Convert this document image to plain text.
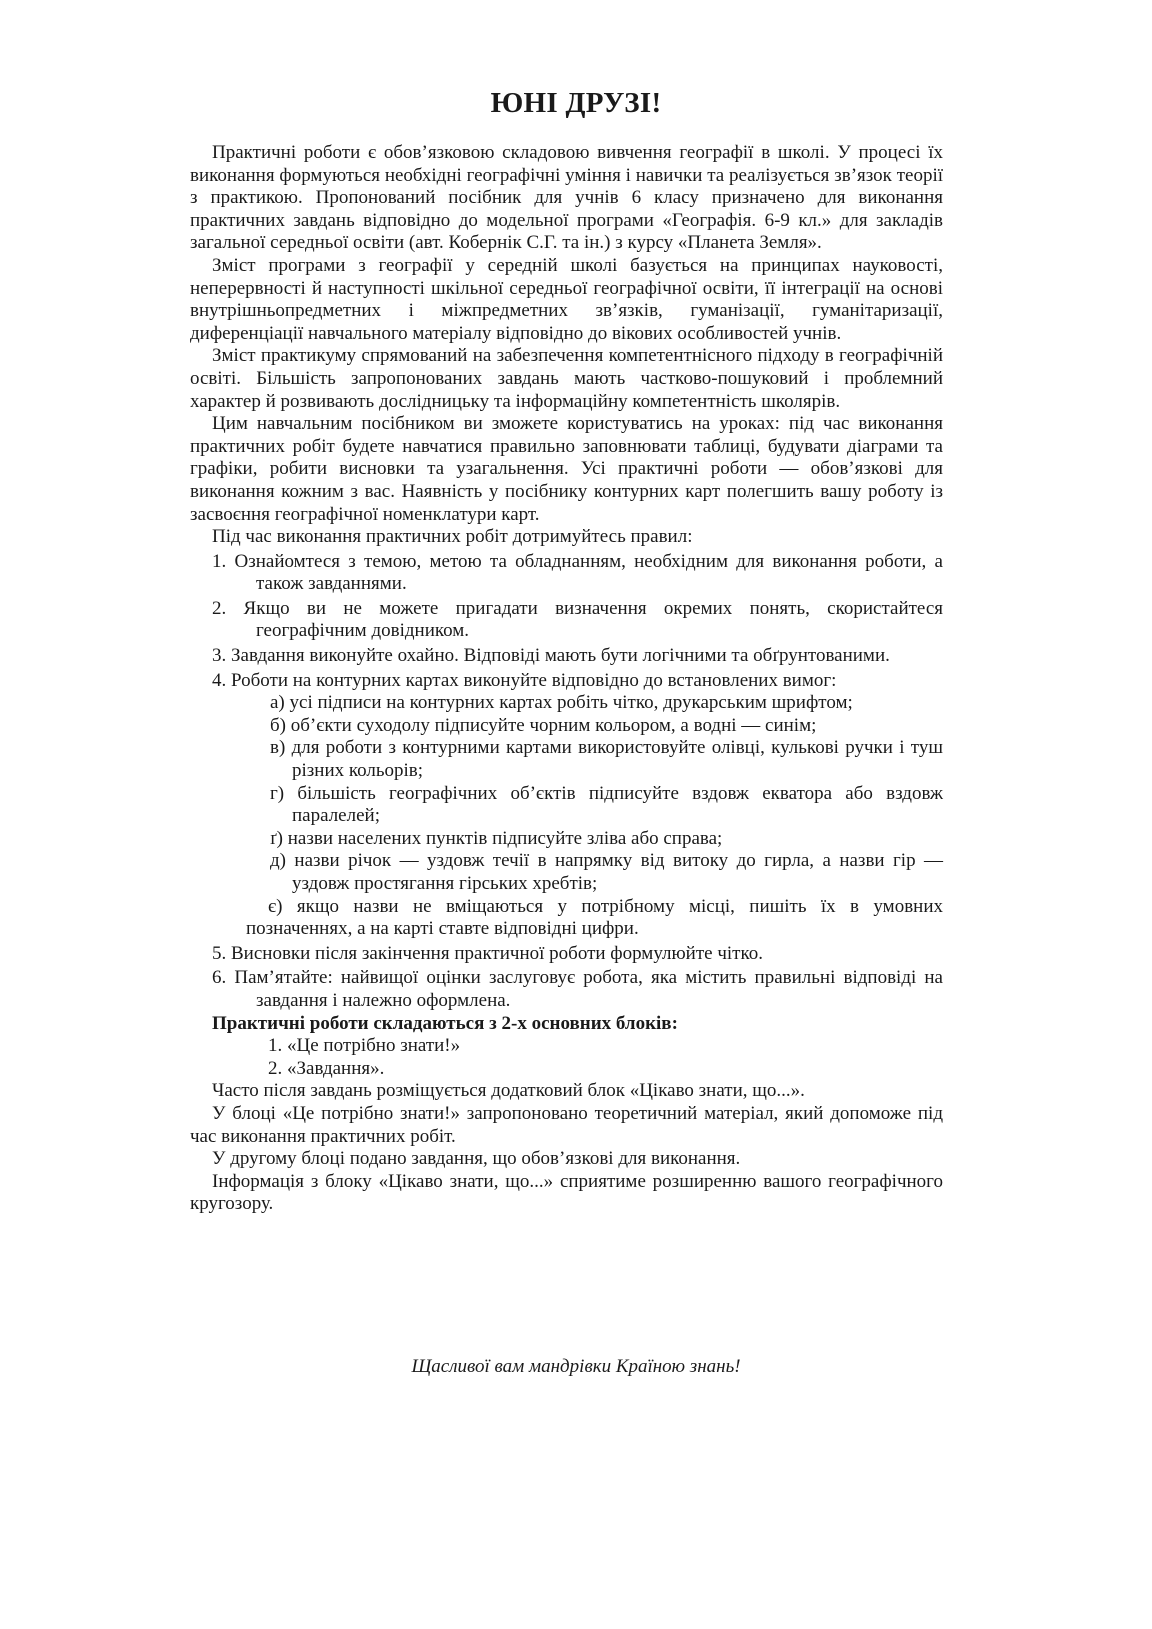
ЮНІ ДРУЗІ!

Практичні роботи є обов’язковою складовою вивчення географії в школі. У процесі їх виконання формуються необхідні географічні уміння і навички та реалізується зв’язок теорії з практикою. Пропонований посібник для учнів 6 класу призначено для виконання практичних завдань відповідно до модельної програми «Географія. 6-9 кл.» для закладів загальної середньої освіти (авт. Кобернік С.Г. та ін.) з курсу «Планета Земля».

Зміст програми з географії у середній школі базується на принципах науковості, неперервності й наступності шкільної середньої географічної освіти, її інтеграції на основі внутрішньопредметних і міжпредметних зв’язків, гуманізації, гуманітаризації, диференціації навчального матеріалу відповідно до вікових особливостей учнів.

Зміст практикуму спрямований на забезпечення компетентнісного підходу в географічній освіті. Більшість запропонованих завдань мають частково-пошуковий і проблемний характер й розвивають дослідницьку та інформаційну компетентність школярів.

Цим навчальним посібником ви зможете користуватись на уроках: під час виконання практичних робіт будете навчатися правильно заповнювати таблиці, будувати діаграми та графіки, робити висновки та узагальнення. Усі практичні роботи — обов’язкові для виконання кожним з вас. Наявність у посібнику контурних карт полегшить вашу роботу із засвоєння географічної номенклатури карт.

Під час виконання практичних робіт дотримуйтесь правил:

1. Ознайомтеся з темою, метою та обладнанням, необхідним для виконання роботи, а також завданнями.
2. Якщо ви не можете пригадати визначення окремих понять, скористайтеся географічним довідником.
3. Завдання виконуйте охайно. Відповіді мають бути логічними та обґрунтованими.
4. Роботи на контурних картах виконуйте відповідно до встановлених вимог:
а) усі підписи на контурних картах робіть чітко, друкарським шрифтом;
б) об’єкти суходолу підписуйте чорним кольором, а водні — синім;
в) для роботи з контурними картами використовуйте олівці, кулькові ручки і туш різних кольорів;
г) більшість географічних об’єктів підписуйте вздовж екватора або вздовж паралелей;
ґ) назви населених пунктів підписуйте зліва або справа;
д) назви річок — уздовж течії в напрямку від витоку до гирла, а назви гір — уздовж простягання гірських хребтів;
є) якщо назви не вміщаються у потрібному місці, пишіть їх в умовних позначеннях, а на карті ставте відповідні цифри.
5. Висновки після закінчення практичної роботи формулюйте чітко.
6. Пам’ятайте: найвищої оцінки заслуговує робота, яка містить правильні відповіді на завдання і належно оформлена.

Практичні роботи складаються з 2-х основних блоків:

1. «Це потрібно знати!»
2. «Завдання».

Часто після завдань розміщується додатковий блок «Цікаво знати, що...».

У блоці «Це потрібно знати!» запропоновано теоретичний матеріал, який допоможе під час виконання практичних робіт.

У другому блоці подано завдання, що обов’язкові для виконання.

Інформація з блоку «Цікаво знати, що...» сприятиме розширенню вашого географічного кругозору.

Щасливої вам мандрівки Країною знань!
